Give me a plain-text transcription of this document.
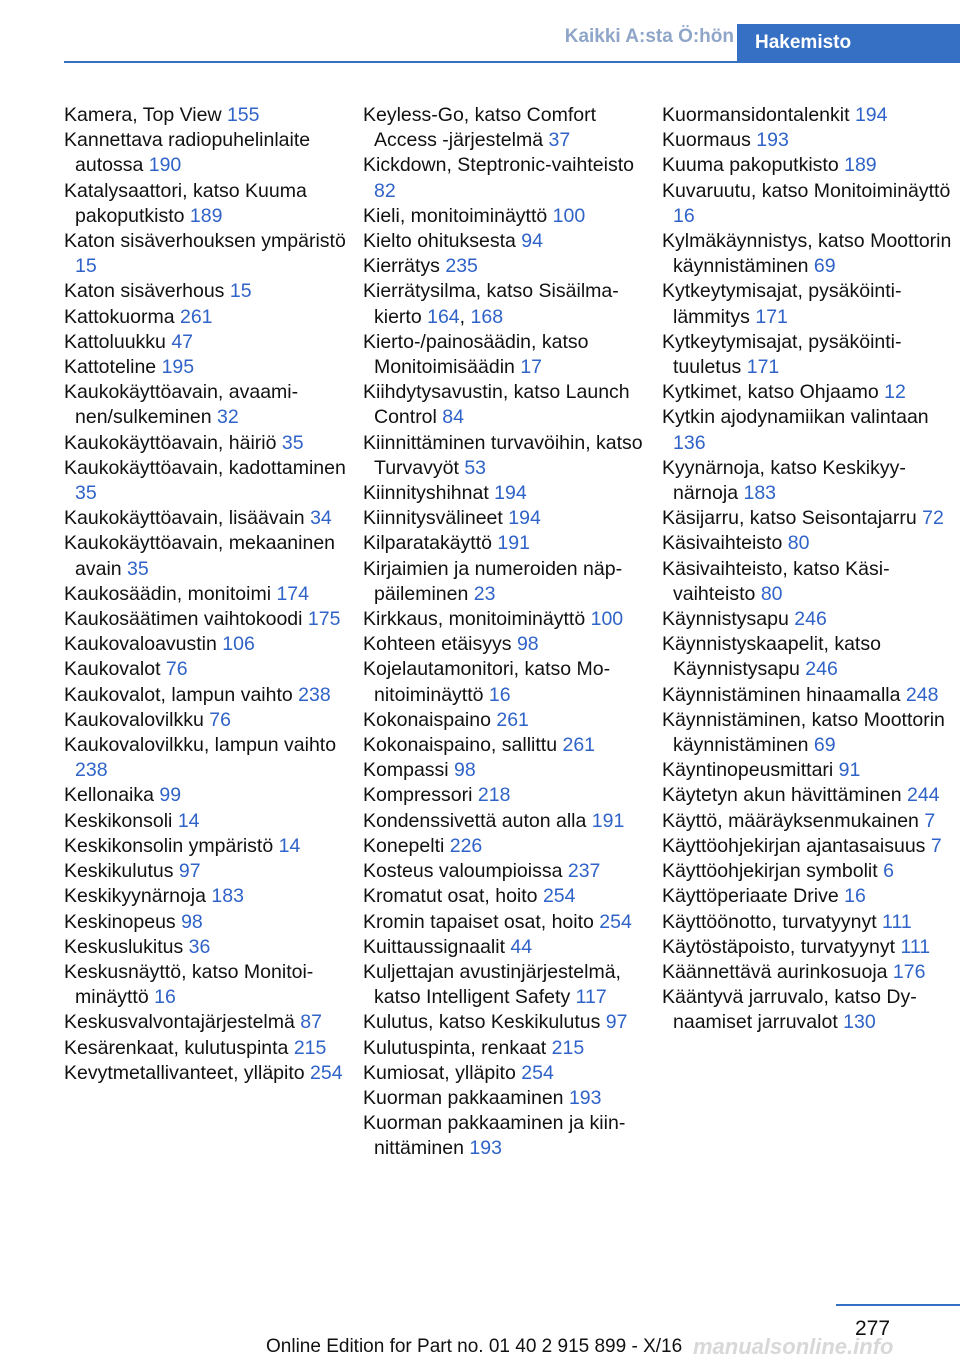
Kaikki A:sta Ö:hön	Hakemisto
Kamera, Top View 155
Kannettava radiopuhelinlaite autossa 190
Katalysaattori, katso Kuuma pakoputkisto 189
Katon sisäverhouksen ympäristö 15
Katon sisäverhous 15
Kattokuorma 261
Kattoluukku 47
Kattoteline 195
Kaukokäyttöavain, avaaminen/sulkeminen 32
Kaukokäyttöavain, häiriö 35
Kaukokäyttöavain, kadottaminen 35
Kaukokäyttöavain, lisäävain 34
Kaukokäyttöavain, mekaaninen avain 35
Kaukosäädin, monitoimi 174
Kaukosäätimen vaihtokoodi 175
Kaukovaloavustin 106
Kaukovalot 76
Kaukovalot, lampun vaihto 238
Kaukovalovilkku 76
Kaukovalovilkku, lampun vaihto 238
Kellonaika 99
Keskikonsoli 14
Keskikonsolin ympäristö 14
Keskikulutus 97
Keskikyynärnoja 183
Keskinopeus 98
Keskuslukitus 36
Keskusnäyttö, katso Monitoiminäyttö 16
Keskusvalvontajärjestelmä 87
Kesärenkaat, kulutuspinta 215
Kevytmetallivanteet, ylläpito 254
Keyless-Go, katso Comfort Access ‑järjestelmä 37
Kickdown, Steptronic-vaihteisto 82
Kieli, monitoiminäyttö 100
Kielto ohituksesta 94
Kierrätys 235
Kierrätysilma, katso Sisäilmakierto 164, 168
Kierto-/painosäädin, katso Monitoimisäädin 17
Kiihdytysavustin, katso Launch Control 84
Kiinnittäminen turvavöihin, katso Turvavyöt 53
Kiinnityshihnat 194
Kiinnitysvälineet 194
Kilparatakäyttö 191
Kirjaimien ja numeroiden näppäileminen 23
Kirkkaus, monitoiminäyttö 100
Kohteen etäisyys 98
Kojelautamonitori, katso Monitoiminäyttö 16
Kokonaispaino 261
Kokonaispaino, sallittu 261
Kompassi 98
Kompressori 218
Kondenssivettä auton alla 191
Konepelti 226
Kosteus valoumpioissa 237
Kromatut osat, hoito 254
Kromin tapaiset osat, hoito 254
Kuittaussignaalit 44
Kuljettajan avustinjärjestelmä, katso Intelligent Safety 117
Kulutus, katso Keskikulutus 97
Kulutuspinta, renkaat 215
Kumiosat, ylläpito 254
Kuorman pakkaaminen 193
Kuorman pakkaaminen ja kiinnittäminen 193
Kuormansidontalenkit 194
Kuormaus 193
Kuuma pakoputkisto 189
Kuvaruutu, katso Monitoiminäyttö 16
Kylmäkäynnistys, katso Moottorin käynnistäminen 69
Kytkeytymisajat, pysäköintilämmitys 171
Kytkeytymisajat, pysäköintituuletus 171
Kytkimet, katso Ohjaamo 12
Kytkin ajodynamiikan valintaan 136
Kyynärnoja, katso Keskikyynärnoja 183
Käsijarru, katso Seisontajarru 72
Käsivaihteisto 80
Käsivaihteisto, katso Käsivaihteisto 80
Käynnistysapu 246
Käynnistyskaapelit, katso Käynnistysapu 246
Käynnistäminen hinaamalla 248
Käynnistäminen, katso Moottorin käynnistäminen 69
Käyntinopeusmittari 91
Käytetyn akun hävittäminen 244
Käyttö, määräyksenmukainen 7
Käyttöohjekirjan ajantasaisuus 7
Käyttöohjekirjan symbolit 6
Käyttöperiaate Drive 16
Käyttöönotto, turvatyynyt 111
Käytöstäpoisto, turvatyynyt 111
Käännettävä aurinkosuoja 176
Kääntyvä jarruvalo, katso Dynaamiset jarruvalot 130
277
Online Edition for Part no. 01 40 2 915 899 - X/16 manualsonline.info
